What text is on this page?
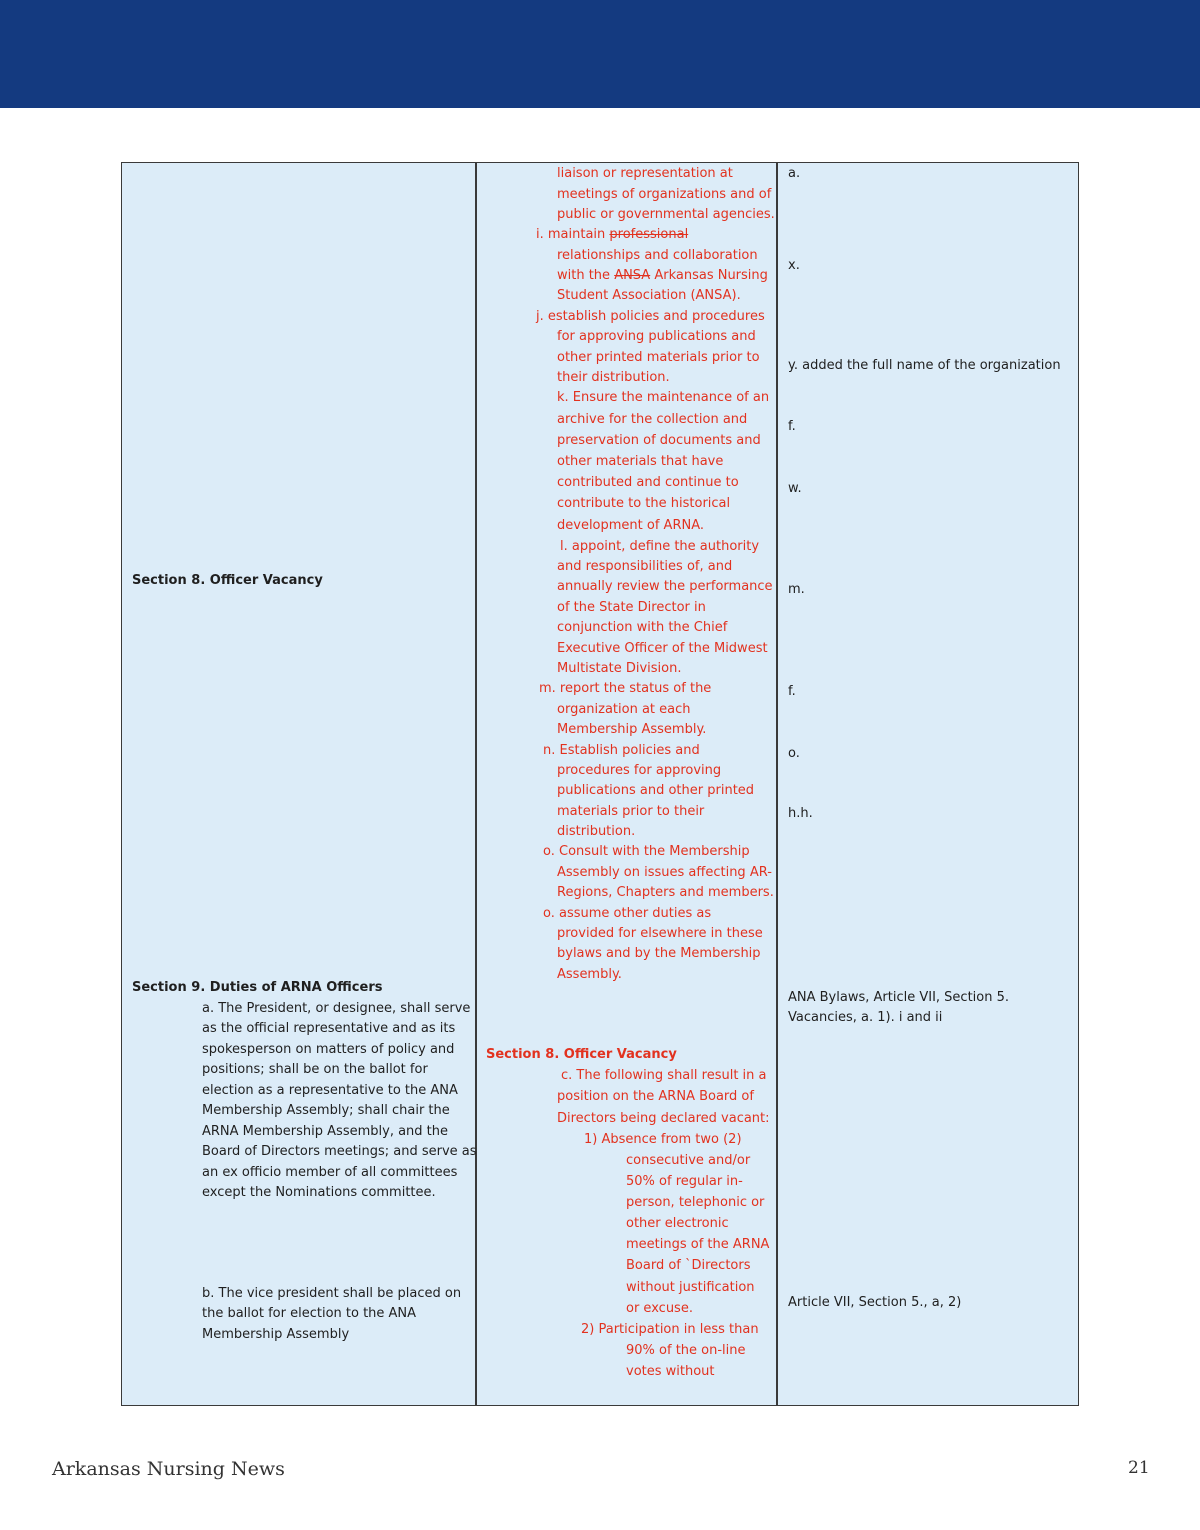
Section 8. Officer Vacancy
Section 9. Duties of ARNA Officers
a. The President, or designee, shall serve
as the official representative and as its
spokesperson on matters of policy and
positions; shall be on the ballot for
election as a representative to the ANA
Membership Assembly; shall chair the
ARNA Membership Assembly, and the
Board of Directors meetings; and serve as
an ex officio member of all committees
except the Nominations committee.
b. The vice president shall be placed on
the ballot for election to the ANA
Membership Assembly
liaison or representation at
meetings of organizations and of
public or governmental agencies.
i. maintain professional
relationships and collaboration
with the ANSA Arkansas Nursing
Student Association (ANSA).
j. establish policies and procedures
for approving publications and
other printed materials prior to
their distribution.
k. Ensure the maintenance of an
archive for the collection and
preservation of documents and
other materials that have
contributed and continue to
contribute to the historical
development of ARNA.
l. appoint, define the authority
and responsibilities of, and
annually review the performance
of the State Director in
conjunction with the Chief
Executive Officer of the Midwest
Multistate Division.
m. report the status of the
organization at each
Membership Assembly.
n. Establish policies and
procedures for approving
publications and other printed
materials prior to their
distribution.
o. Consult with the Membership
Assembly on issues affecting AR-
Regions, Chapters and members.
o. assume other duties as
provided for elsewhere in these
bylaws and by the Membership
Assembly.
Section 8. Officer Vacancy
c. The following shall result in a
position on the ARNA Board of
Directors being declared vacant:
1) Absence from two (2)
consecutive and/or
50% of regular in-
person, telephonic or
other electronic
meetings of the ARNA
Board of `Directors
without justification
or excuse.
2) Participation in less than
90% of the on-line
votes without
a.
x.
y. added the full name of the organization
f.
w.
m.
f.
o.
h.h.
ANA Bylaws, Article VII, Section 5.
Vacancies, a. 1). i and ii
Article VII, Section 5., a, 2)
Arkansas Nursing News	21
